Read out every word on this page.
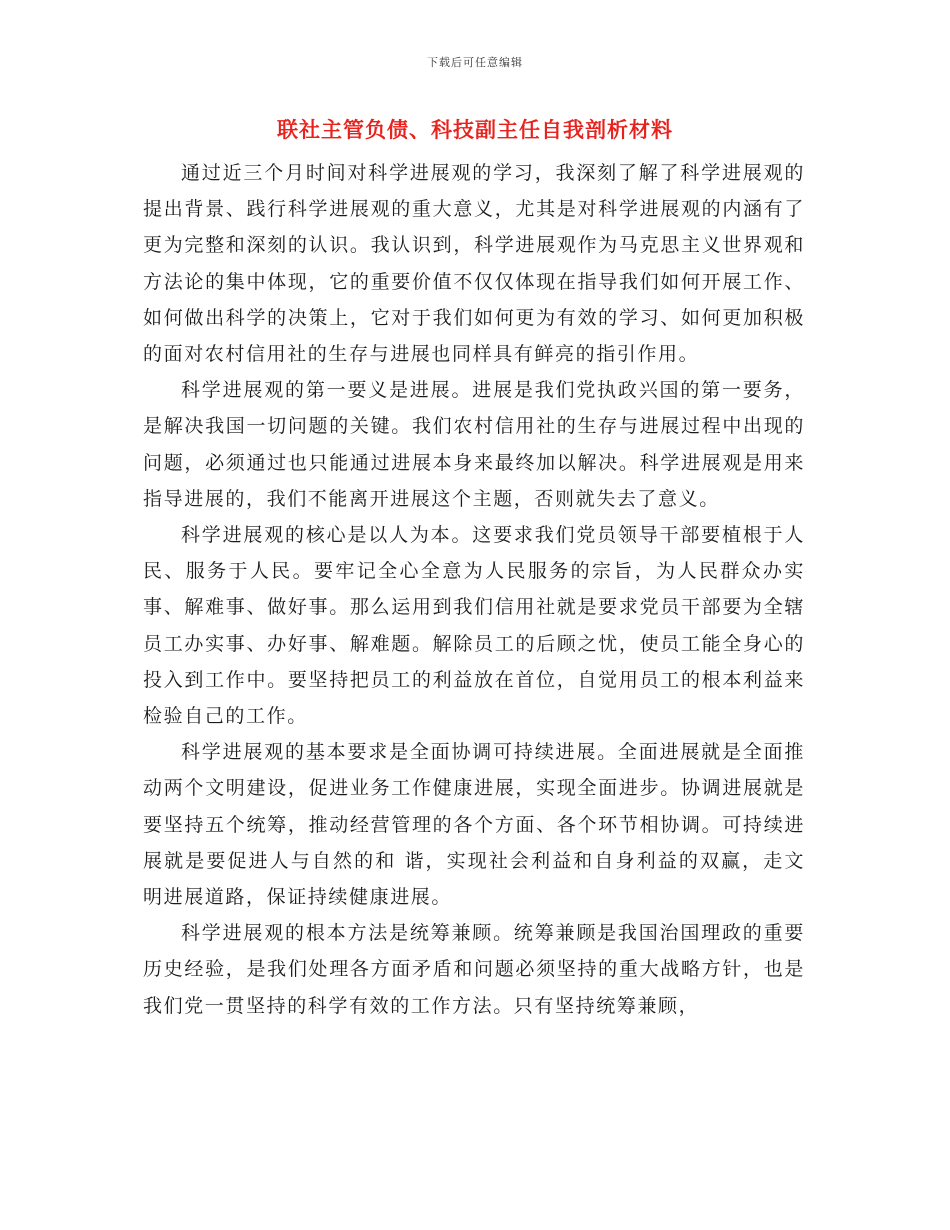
下载后可任意编辑
联社主管负债、科技副主任自我剖析材料

通过近三个月时间对科学进展观的学习，我深刻了解了科学进展观的提出背景、践行科学进展观的重大意义，尤其是对科学进展观的内涵有了更为完整和深刻的认识。我认识到，科学进展观作为马克思主义世界观和方法论的集中体现，它的重要价值不仅仅体现在指导我们如何开展工作、如何做出科学的决策上，它对于我们如何更为有效的学习、如何更加积极的面对农村信用社的生存与进展也同样具有鲜亮的指引作用。

科学进展观的第一要义是进展。进展是我们党执政兴国的第一要务，是解决我国一切问题的关键。我们农村信用社的生存与进展过程中出现的问题，必须通过也只能通过进展本身来最终加以解决。科学进展观是用来指导进展的，我们不能离开进展这个主题，否则就失去了意义。

科学进展观的核心是以人为本。这要求我们党员领导干部要植根于人民、服务于人民。要牢记全心全意为人民服务的宗旨，为人民群众办实事、解难事、做好事。那么运用到我们信用社就是要求党员干部要为全辖员工办实事、办好事、解难题。解除员工的后顾之忧，使员工能全身心的投入到工作中。要坚持把员工的利益放在首位，自觉用员工的根本利益来检验自己的工作。

科学进展观的基本要求是全面协调可持续进展。全面进展就是全面推动两个文明建设，促进业务工作健康进展，实现全面进步。协调进展就是要坚持五个统筹，推动经营管理的各个方面、各个环节相协调。可持续进展就是要促进人与自然的和 谐，实现社会利益和自身利益的双赢，走文明进展道路，保证持续健康进展。

科学进展观的根本方法是统筹兼顾。统筹兼顾是我国治国理政的重要历史经验，是我们处理各方面矛盾和问题必须坚持的重大战略方针，也是我们党一贯坚持的科学有效的工作方法。只有坚持统筹兼顾，
